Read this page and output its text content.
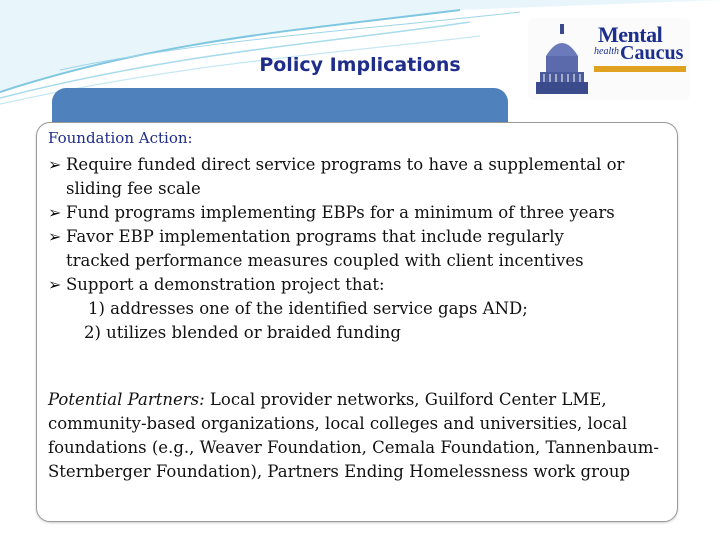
Policy Implications
Mental
health Caucus
Foundation Action:
➢ Require funded direct service programs to have a supplemental or
sliding fee scale
➢ Fund programs implementing EBPs for a minimum of three years
➢ Favor EBP implementation programs that include regularly
tracked performance measures coupled with client incentives
➢ Support a demonstration project that:
1) addresses one of the identified service gaps AND;
2) utilizes blended or braided funding
Potential Partners: Local provider networks, Guilford Center LME, community-based organizations, local colleges and universities, local foundations (e.g., Weaver Foundation, Cemala Foundation, Tannenbaum-Sternberger Foundation), Partners Ending Homelessness work group
